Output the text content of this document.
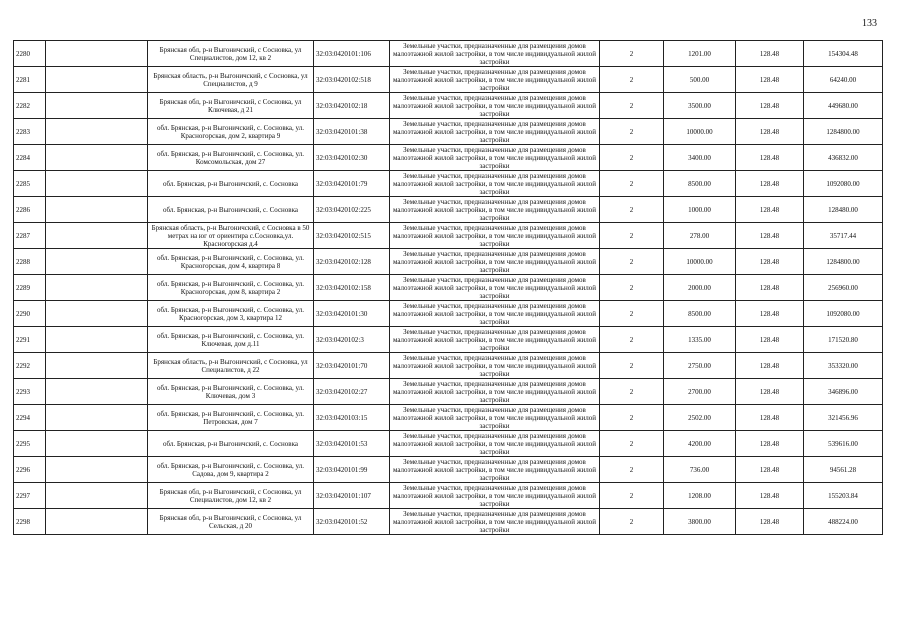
133
2280		Брянская обл, р-н Выгоничский, с Сосновка, ул Специалистов, дом 12, кв 2	32:03:0420101:106	Земельные участки, предназначенные для размещения домов малоэтажной жилой застройки, в том числе индивидуальной жилой застройки	2	1201.00	128.48	154304.48
2281		Брянская область, р-н Выгоничский, с Сосновка, ул Специалистов, д 9	32:03:0420102:518	Земельные участки, предназначенные для размещения домов малоэтажной жилой застройки, в том числе индивидуальной жилой застройки	2	500.00	128.48	64240.00
2282		Брянская обл, р-н Выгоничский, с Сосновка, ул Ключевая, д 21	32:03:0420102:18	Земельные участки, предназначенные для размещения домов малоэтажной жилой застройки, в том числе индивидуальной жилой застройки	2	3500.00	128.48	449680.00
2283		обл. Брянская, р-н Выгоничский, с. Сосновка, ул. Красногорская, дом 2, квартира 9	32:03:0420101:38	Земельные участки, предназначенные для размещения домов малоэтажной жилой застройки, в том числе индивидуальной жилой застройки	2	10000.00	128.48	1284800.00
2284		обл. Брянская, р-н Выгоничский, с. Сосновка, ул. Комсомольская, дом 27	32:03:0420102:30	Земельные участки, предназначенные для размещения домов малоэтажной жилой застройки, в том числе индивидуальной жилой застройки	2	3400.00	128.48	436832.00
2285		обл. Брянская, р-н Выгоничский, с. Сосновка	32:03:0420101:79	Земельные участки, предназначенные для размещения домов малоэтажной жилой застройки, в том числе индивидуальной жилой застройки	2	8500.00	128.48	1092080.00
2286		обл. Брянская, р-н Выгоничский, с. Сосновка	32:03:0420102:225	Земельные участки, предназначенные для размещения домов малоэтажной жилой застройки, в том числе индивидуальной жилой застройки	2	1000.00	128.48	128480.00
2287		Брянская область, р-н Выгоничский, с Сосновка в 50 метрах на юг от ориентира с.Сосновка,ул. Красногорская д.4	32:03:0420102:515	Земельные участки, предназначенные для размещения домов малоэтажной жилой застройки, в том числе индивидуальной жилой застройки	2	278.00	128.48	35717.44
2288		обл. Брянская, р-н Выгоничский, с. Сосновка, ул. Красногорская, дом 4, квартира 8	32:03:0420102:128	Земельные участки, предназначенные для размещения домов малоэтажной жилой застройки, в том числе индивидуальной жилой застройки	2	10000.00	128.48	1284800.00
2289		обл. Брянская, р-н Выгоничский, с. Сосновка, ул. Красногорская, дом 8, квартира 2	32:03:0420102:158	Земельные участки, предназначенные для размещения домов малоэтажной жилой застройки, в том числе индивидуальной жилой застройки	2	2000.00	128.48	256960.00
2290		обл. Брянская, р-н Выгоничский, с. Сосновка, ул. Красногорская, дом 3, квартира 12	32:03:0420101:30	Земельные участки, предназначенные для размещения домов малоэтажной жилой застройки, в том числе индивидуальной жилой застройки	2	8500.00	128.48	1092080.00
2291		обл. Брянская, р-н Выгоничский, с. Сосновка, ул. Ключевая, дом д.11	32:03:0420102:3	Земельные участки, предназначенные для размещения домов малоэтажной жилой застройки, в том числе индивидуальной жилой застройки	2	1335.00	128.48	171520.80
2292		Брянская область, р-н Выгоничский, с Сосновка, ул Специалистов, д 22	32:03:0420101:70	Земельные участки, предназначенные для размещения домов малоэтажной жилой застройки, в том числе индивидуальной жилой застройки	2	2750.00	128.48	353320.00
2293		обл. Брянская, р-н Выгоничский, с. Сосновка, ул. Ключевая, дом 3	32:03:0420102:27	Земельные участки, предназначенные для размещения домов малоэтажной жилой застройки, в том числе индивидуальной жилой застройки	2	2700.00	128.48	346896.00
2294		обл. Брянская, р-н Выгоничский, с. Сосновка, ул. Петровская, дом 7	32:03:0420103:15	Земельные участки, предназначенные для размещения домов малоэтажной жилой застройки, в том числе индивидуальной жилой застройки	2	2502.00	128.48	321456.96
2295		обл. Брянская, р-н Выгоничский, с. Сосновка	32:03:0420101:53	Земельные участки, предназначенные для размещения домов малоэтажной жилой застройки, в том числе индивидуальной жилой застройки	2	4200.00	128.48	539616.00
2296		обл. Брянская, р-н Выгоничский, с. Сосновка, ул. Садова, дом 9, квартира 2	32:03:0420101:99	Земельные участки, предназначенные для размещения домов малоэтажной жилой застройки, в том числе индивидуальной жилой застройки	2	736.00	128.48	94561.28
2297		Брянская обл, р-н Выгоничский, с Сосновка, ул Специалистов, дом 12, кв 2	32:03:0420101:107	Земельные участки, предназначенные для размещения домов малоэтажной жилой застройки, в том числе индивидуальной жилой застройки	2	1208.00	128.48	155203.84
2298		Брянская обл, р-н Выгоничский, с Сосновка, ул Сельская, д 20	32:03:0420101:52	Земельные участки, предназначенные для размещения домов малоэтажной жилой застройки, в том числе индивидуальной жилой застройки	2	3800.00	128.48	488224.00
